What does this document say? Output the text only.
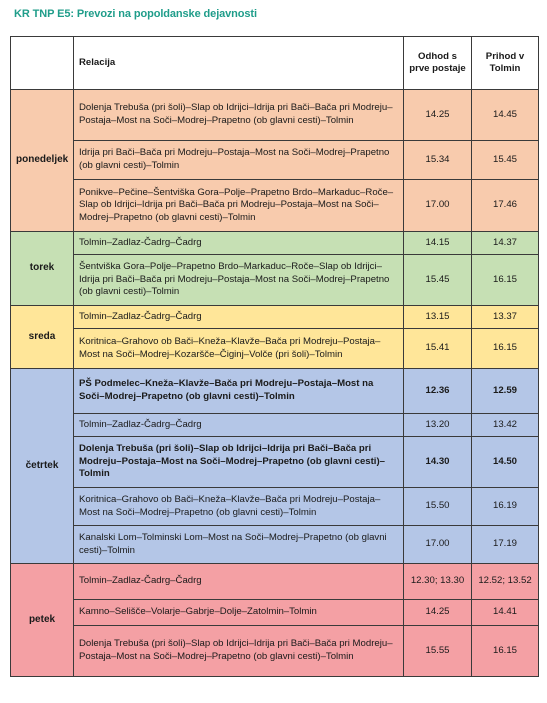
KR TNP E5: Prevozi na popoldanske dejavnosti
	Relacija	Odhod s prve postaje	Prihod v Tolmin
ponedeljek	Dolenja Trebuša (pri šoli)–Slap ob Idrijci–Idrija pri Bači–Bača pri Modreju–Postaja–Most na Soči–Modrej–Prapetno (ob glavni cesti)–Tolmin	14.25	14.45
	Idrija pri Bači–Bača pri Modreju–Postaja–Most na Soči–Modrej–Prapetno (ob glavni cesti)–Tolmin	15.34	15.45
	Ponikve–Pečine–Šentviška Gora–Polje–Prapetno Brdo–Markaduc–Roče–Slap ob Idrijci–Idrija pri Bači–Bača pri Modreju–Postaja–Most na Soči–Modrej–Prapetno (ob glavni cesti)–Tolmin	17.00	17.46
torek	Tolmin–Zadlaz-Čadrg–Čadrg	14.15	14.37
	Šentviška Gora–Polje–Prapetno Brdo–Markaduc–Roče–Slap ob Idrijci–Idrija pri Bači–Bača pri Modreju–Postaja–Most na Soči–Modrej–Prapetno (ob glavni cesti)–Tolmin	15.45	16.15
sreda	Tolmin–Zadlaz-Čadrg–Čadrg	13.15	13.37
	Koritnica–Grahovo ob Bači–Kneža–Klavže–Bača pri Modreju–Postaja–Most na Soči–Modrej–Kozaršče–Čiginj–Volče (pri šoli)–Tolmin	15.41	16.15
četrtek	PŠ Podmelec–Kneža–Klavže–Bača pri Modreju–Postaja–Most na Soči–Modrej–Prapetno (ob glavni cesti)–Tolmin	12.36	12.59
	Tolmin–Zadlaz-Čadrg–Čadrg	13.20	13.42
	Dolenja Trebuša (pri šoli)–Slap ob Idrijci–Idrija pri Bači–Bača pri Modreju–Postaja–Most na Soči–Modrej–Prapetno (ob glavni cesti)–Tolmin	14.30	14.50
	Koritnica–Grahovo ob Bači–Kneža–Klavže–Bača pri Modreju–Postaja–Most na Soči–Modrej–Prapetno (ob glavni cesti)–Tolmin	15.50	16.19
	Kanalski Lom–Tolminski Lom–Most na Soči–Modrej–Prapetno (ob glavni cesti)–Tolmin	17.00	17.19
petek	Tolmin–Zadlaz-Čadrg–Čadrg	12.30; 13.30	12.52; 13.52
	Kamno–Selišče–Volarje–Gabrje–Dolje–Zatolmin–Tolmin	14.25	14.41
	Dolenja Trebuša (pri šoli)–Slap ob Idrijci–Idrija pri Bači–Bača pri Modreju–Postaja–Most na Soči–Modrej–Prapetno (ob glavni cesti)–Tolmin	15.55	16.15
